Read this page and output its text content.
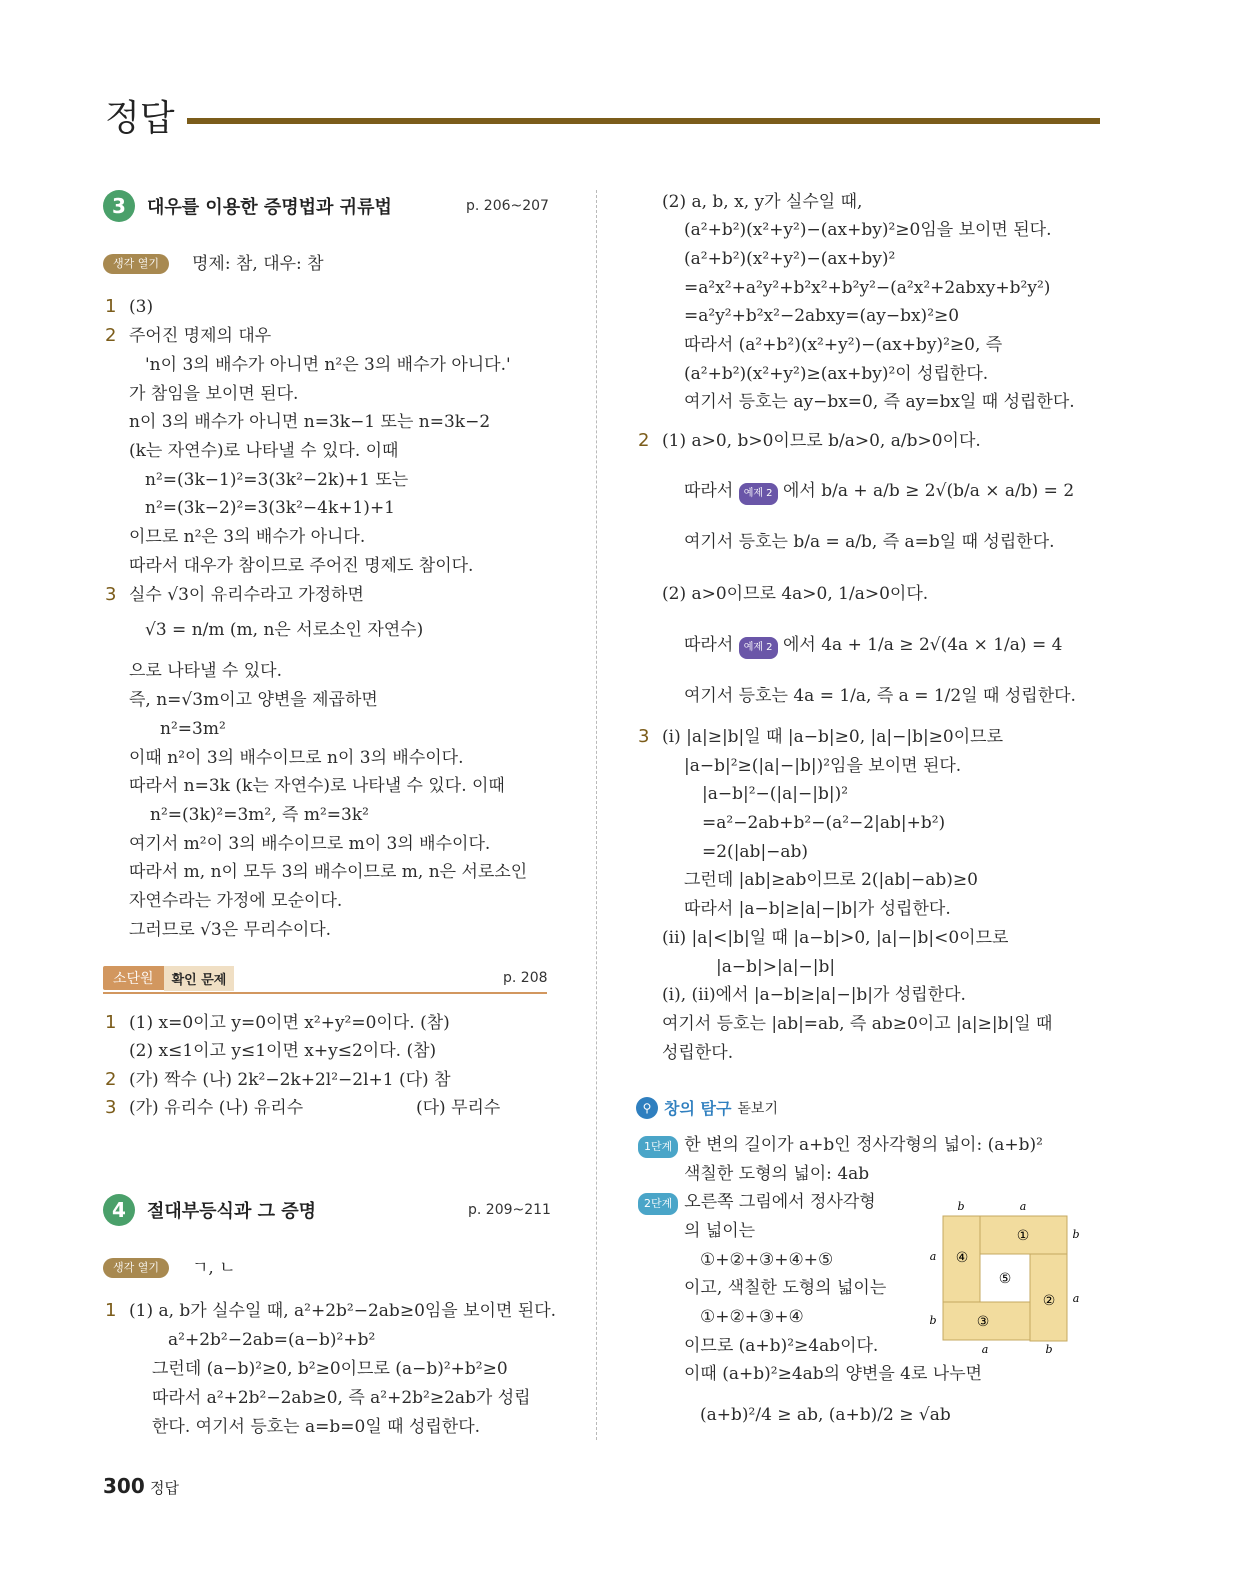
정답
3	대우를 이용한 증명법과 귀류법	p. 206~207
생각 열기	명제: 참, 대우: 참
1 (3)
2 주어진 명제의 대우
'n이 3의 배수가 아니면 n²은 3의 배수가 아니다.'
가 참임을 보이면 된다.
n이 3의 배수가 아니면 n=3k−1 또는 n=3k−2
(k는 자연수)로 나타낼 수 있다. 이때
n²=(3k−1)²=3(3k²−2k)+1 또는
n²=(3k−2)²=3(3k²−4k+1)+1
이므로 n²은 3의 배수가 아니다.
따라서 대우가 참이므로 주어진 명제도 참이다.
3 실수 √3이 유리수라고 가정하면
√3 = n/m (m, n은 서로소인 자연수)
으로 나타낼 수 있다.
즉, n=√3m이고 양변을 제곱하면
n²=3m²
이때 n²이 3의 배수이므로 n이 3의 배수이다.
따라서 n=3k (k는 자연수)로 나타낼 수 있다. 이때
n²=(3k)²=3m², 즉 m²=3k²
여기서 m²이 3의 배수이므로 m이 3의 배수이다.
따라서 m, n이 모두 3의 배수이므로 m, n은 서로소인
자연수라는 가정에 모순이다.
그러므로 √3은 무리수이다.
소단원	확인 문제	p. 208
1 (1) x=0이고 y=0이면 x²+y²=0이다. (참)
(2) x≤1이고 y≤1이면 x+y≤2이다. (참)
2 (가) 짝수 (나) 2k²−2k+2l²−2l+1 (다) 참
3 (가) 유리수 (나) 유리수	(다) 무리수
4	절대부등식과 그 증명	p. 209~211
생각 열기	ㄱ, ㄴ
1 (1) a, b가 실수일 때, a²+2b²−2ab≥0임을 보이면 된다.
a²+2b²−2ab=(a−b)²+b²
그런데 (a−b)²≥0, b²≥0이므로 (a−b)²+b²≥0
따라서 a²+2b²−2ab≥0, 즉 a²+2b²≥2ab가 성립
한다. 여기서 등호는 a=b=0일 때 성립한다.
(2) a, b, x, y가 실수일 때,
(a²+b²)(x²+y²)−(ax+by)²≥0임을 보이면 된다.
(a²+b²)(x²+y²)−(ax+by)²
=a²x²+a²y²+b²x²+b²y²−(a²x²+2abxy+b²y²)
=a²y²+b²x²−2abxy=(ay−bx)²≥0
따라서 (a²+b²)(x²+y²)−(ax+by)²≥0, 즉
(a²+b²)(x²+y²)≥(ax+by)²이 성립한다.
여기서 등호는 ay−bx=0, 즉 ay=bx일 때 성립한다.
2 (1) a>0, b>0이므로 b/a>0, a/b>0이다.
따라서 예제 2 에서 b/a + a/b ≥ 2√(b/a × a/b) = 2
여기서 등호는 b/a = a/b, 즉 a=b일 때 성립한다.
(2) a>0이므로 4a>0, 1/a>0이다.
따라서 예제 2 에서 4a + 1/a ≥ 2√(4a × 1/a) = 4
여기서 등호는 4a = 1/a, 즉 a = 1/2일 때 성립한다.
3 (i) |a|≥|b|일 때 |a−b|≥0, |a|−|b|≥0이므로
|a−b|²≥(|a|−|b|)²임을 보이면 된다.
|a−b|²−(|a|−|b|)²
=a²−2ab+b²−(a²−2|ab|+b²)
=2(|ab|−ab)
그런데 |ab|≥ab이므로 2(|ab|−ab)≥0
따라서 |a−b|≥|a|−|b|가 성립한다.
(ii) |a|<|b|일 때 |a−b|>0, |a|−|b|<0이므로
|a−b|>|a|−|b|
(i), (ii)에서 |a−b|≥|a|−|b|가 성립한다.
여기서 등호는 |ab|=ab, 즉 ab≥0이고 |a|≥|b|일 때
성립한다.
⚲ 창의 탐구 돋보기
1단계 한 변의 길이가 a+b인 정사각형의 넓이: (a+b)²
색칠한 도형의 넓이: 4ab
2단계 오른쪽 그림에서 정사각형
의 넓이는
①+②+③+④+⑤
이고, 색칠한 도형의 넓이는
①+②+③+④
이므로 (a+b)²≥4ab이다.
이때 (a+b)²≥4ab의 양변을 4로 나누면
(a+b)²/4 ≥ ab, (a+b)/2 ≥ √ab
①
②
③
④
⑤
b	a
a
b
b
a
a	b
300 정답
